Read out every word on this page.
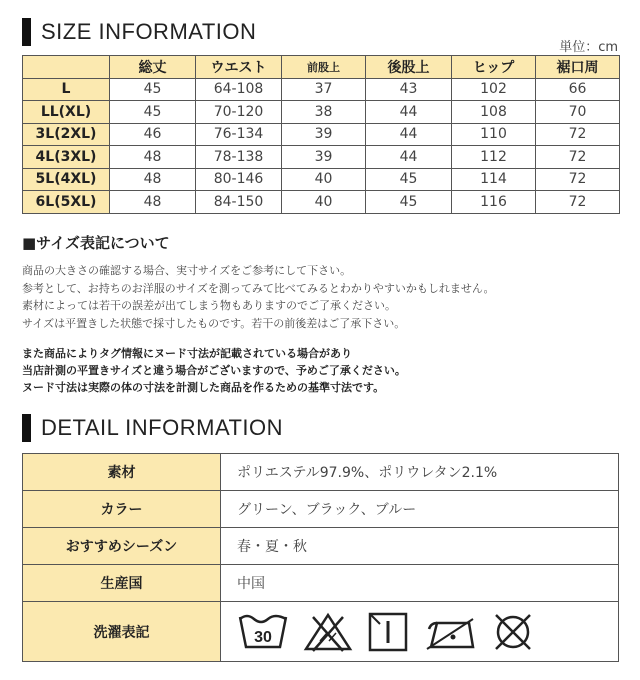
SIZE INFORMATION
単位：cm
	総丈	ウエスト	前股上	後股上	ヒップ	裾口周
L	45	64-108	37	43	102	66
LL(XL)	45	70-120	38	44	108	70
3L(2XL)	46	76-134	39	44	110	72
4L(3XL)	48	78-138	39	44	112	72
5L(4XL)	48	80-146	40	45	114	72
6L(5XL)	48	84-150	40	45	116	72
■サイズ表記について

商品の大きさの確認する場合、実寸サイズをご参考にして下さい。

参考として、お持ちのお洋服のサイズを測ってみて比べてみるとわかりやすいかもしれません。

素材によっては若干の誤差が出てしまう物もありますのでご了承ください。

サイズは平置きした状態で採寸したものです。若干の前後差はご了承下さい。

また商品によりタグ情報にヌード寸法が記載されている場合があり

当店計測の平置きサイズと違う場合がございますので、予めご了承ください。

ヌード寸法は実際の体の寸法を計測した商品を作るための基準寸法です。

DETAIL INFORMATION
素材	ポリエステル97.9%、ポリウレタン2.1%
カラー	グリーン、ブラック、ブルー
おすすめシーズン	春・夏・秋
生産国	中国
洗濯表記	30
